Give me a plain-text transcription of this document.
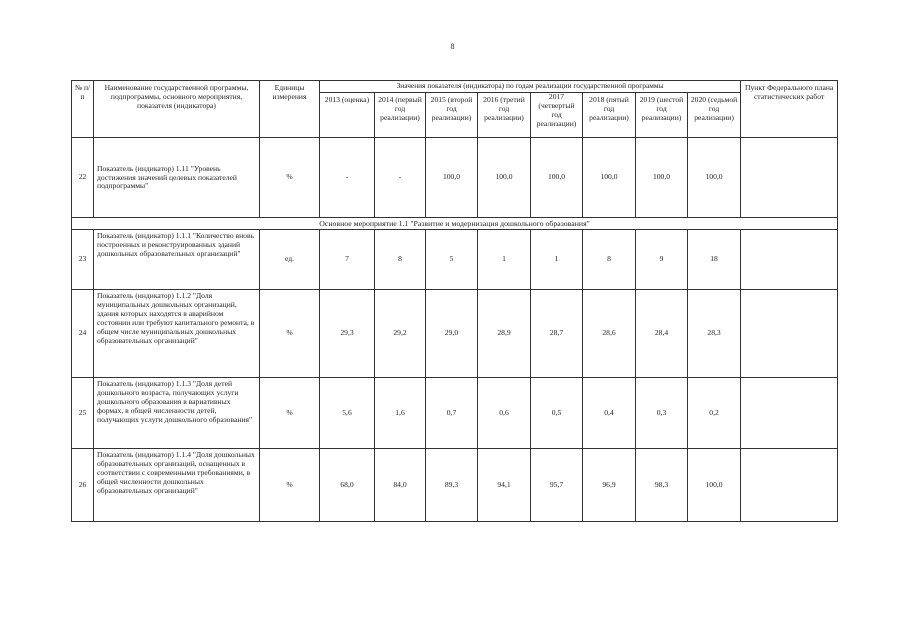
8
№ п/п	Наименование государственной программы, подпрограммы, основного мероприятия, показателя (индикатора)	Единицы измерения	Значения показателя (индикатора) по годам реализации государственной программы								Пункт Федерального плана статистических работ
			2013 (оценка)	2014 (первый год реализации)	2015 (второй год реализации)	2016 (третий год реализации)	2017 (четвертый год реализации)	2018 (пятый год реализации)	2019 (шестой год реализации)	2020 (седьмой год реализации)	
22	Показатель (индикатор) 1.11 "Уровень достижения значений целевых показателей подпрограммы"	%	-	-	100,0	100,0	100,0	100,0	100,0	100,0	
Основное мероприятие 1.1 "Развитие и модернизация дошкольного образования"											
23	Показатель (индикатор) 1.1.1 "Количество вновь построенных и реконструированных зданий дошкольных образовательных организаций"	ед.	7	8	5	1	1	8	9	18	
24	Показатель (индикатор) 1.1.2 "Доля муниципальных дошкольных организаций, здания которых находятся в аварийном состоянии или требуют капитального ремонта, в общем числе муниципальных дошкольных образовательных организаций"	%	29,3	29,2	29,0	28,9	28,7	28,6	28,4	28,3	
25	Показатель (индикатор) 1.1.3 "Доля детей дошкольного возраста, получающих услуги дошкольного образования в вариативных формах, в общей численности детей, получающих услуги дошкольного образования"	%	5,6	1,6	0,7	0,6	0,5	0,4	0,3	0,2	
26	Показатель (индикатор) 1.1.4 "Доля дошкольных образовательных организаций, оснащенных в соответствии с современными требованиями, в общей численности дошкольных образовательных организаций"	%	68,0	84,0	89,3	94,1	95,7	96,9	98,3	100,0	
